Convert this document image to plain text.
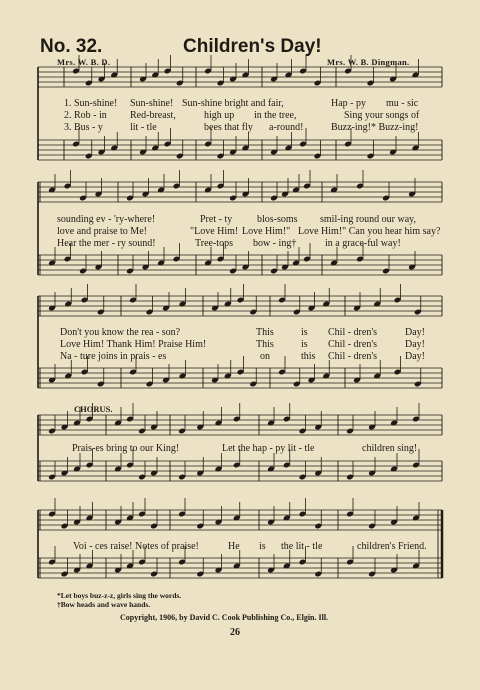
No. 32.	Children's Day!
Mrs. W. B. D.	Mrs. W. B. Dingman.
1. Sun-shine! Sun-shine! Sun-shine bright and fair,	Hap - py mu - sic
2. Rob - in Red-breast,	high up in the tree,	Sing your songs of
3. Bus - y	lit - tle	bees that fly a-round!	Buzz-ing!* Buzz-ing!
sounding ev - 'ry-where!	Pret - ty blos-soms smil-ing round our way,
love and praise to Me!	"Love Him! Love Him!" Love Him!" Can you hear him say?
Hear the mer - ry sound!	Tree-tops bow - ing†	in a grace-ful way!
Don't you know the rea - son?	This	is Chil - dren's	Day!
Love Him! Thank Him! Praise Him!	This	is Chil - dren's	Day!
Na - ture joins in prais - es	on	this Chil - dren's	Day!
Prais-es bring to our King!	Let the hap - py lit - tle	children sing!
Voi - ces raise! Notes of praise!	He is the lit - tle	children's Friend.
CHORUS.
*Let boys buz-z-z, girls sing the words.
†Bow heads and wave hands.
Copyright, 1906, by David C. Cook Publishing Co., Elgin. Ill.
26
